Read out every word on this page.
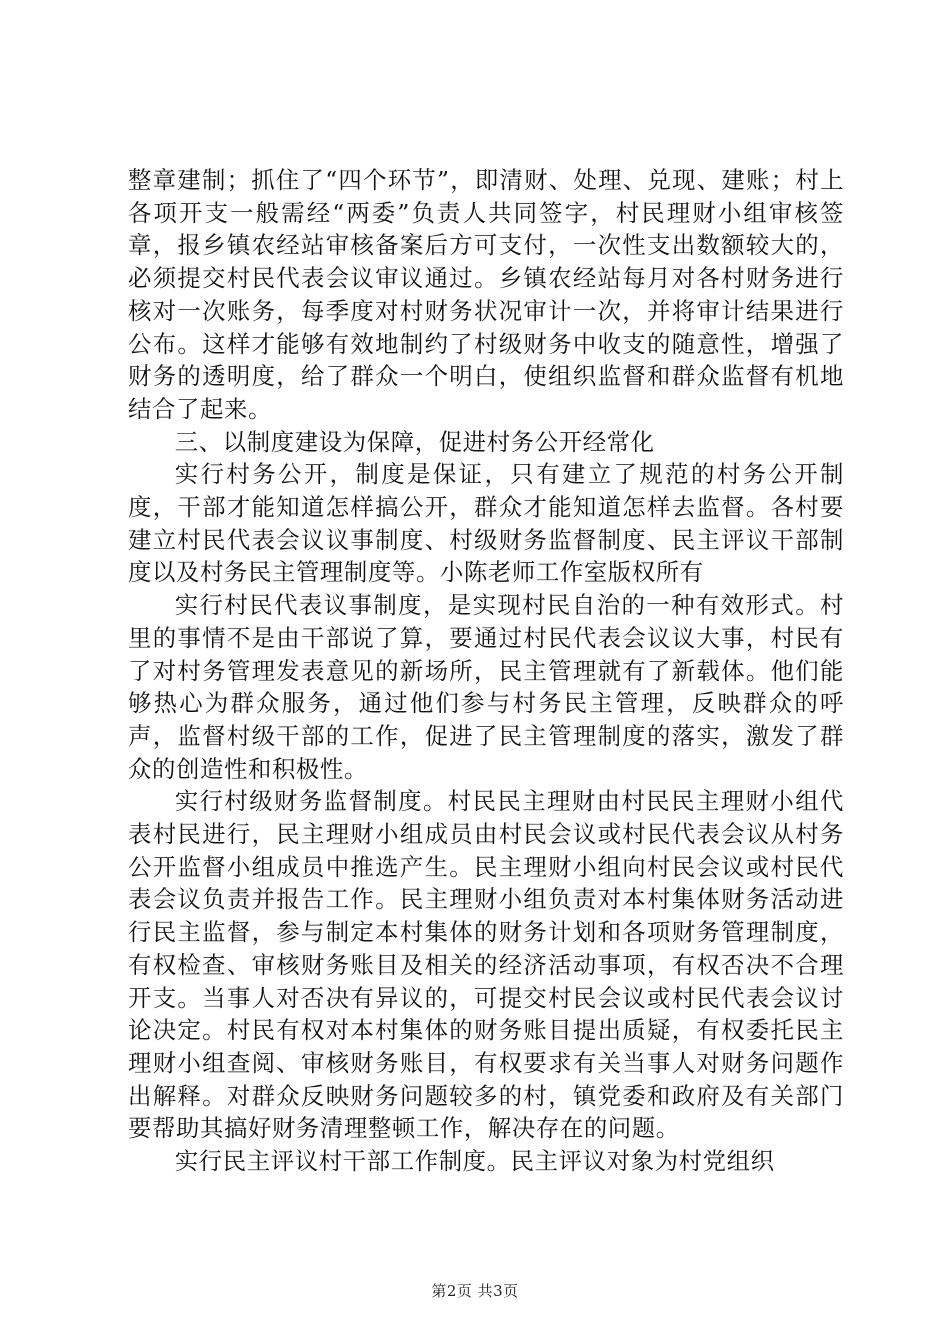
整章建制；抓住了“四个环节”，即清财、处理、兑现、建账；村上各项开支一般需经“两委”负责人共同签字，村民理财小组审核签章，报乡镇农经站审核备案后方可支付，一次性支出数额较大的，必须提交村民代表会议审议通过。乡镇农经站每月对各村财务进行核对一次账务，每季度对村财务状况审计一次，并将审计结果进行公布。这样才能够有效地制约了村级财务中收支的随意性，增强了财务的透明度，给了群众一个明白，使组织监督和群众监督有机地结合了起来。

三、以制度建设为保障，促进村务公开经常化

实行村务公开，制度是保证，只有建立了规范的村务公开制度，干部才能知道怎样搞公开，群众才能知道怎样去监督。各村要建立村民代表会议议事制度、村级财务监督制度、民主评议干部制度以及村务民主管理制度等。小陈老师工作室版权所有

实行村民代表议事制度，是实现村民自治的一种有效形式。村里的事情不是由干部说了算，要通过村民代表会议议大事，村民有了对村务管理发表意见的新场所，民主管理就有了新载体。他们能够热心为群众服务，通过他们参与村务民主管理，反映群众的呼声，监督村级干部的工作，促进了民主管理制度的落实，激发了群众的创造性和积极性。

实行村级财务监督制度。村民民主理财由村民民主理财小组代表村民进行，民主理财小组成员由村民会议或村民代表会议从村务公开监督小组成员中推选产生。民主理财小组向村民会议或村民代表会议负责并报告工作。民主理财小组负责对本村集体财务活动进行民主监督，参与制定本村集体的财务计划和各项财务管理制度，有权检查、审核财务账目及相关的经济活动事项，有权否决不合理开支。当事人对否决有异议的，可提交村民会议或村民代表会议讨论决定。村民有权对本村集体的财务账目提出质疑，有权委托民主理财小组查阅、审核财务账目，有权要求有关当事人对财务问题作出解释。对群众反映财务问题较多的村，镇党委和政府及有关部门要帮助其搞好财务清理整顿工作，解决存在的问题。

实行民主评议村干部工作制度。民主评议对象为村党组织

第2页 共3页
